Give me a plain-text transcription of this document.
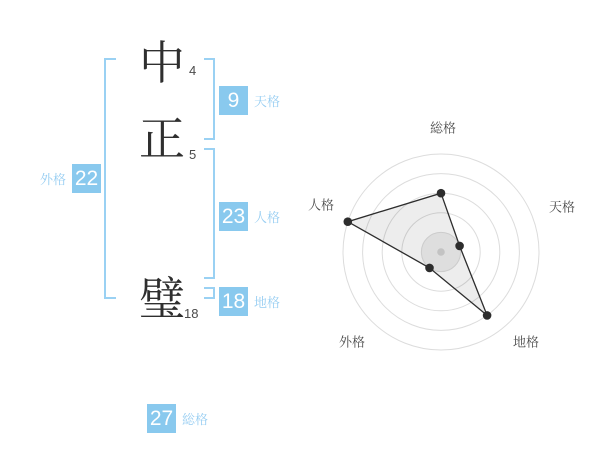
中
正
璧
4
5
18
9	天格
23 人格
18 地格
外格 22
27 総格
総格
天格
地格
外格
人格
